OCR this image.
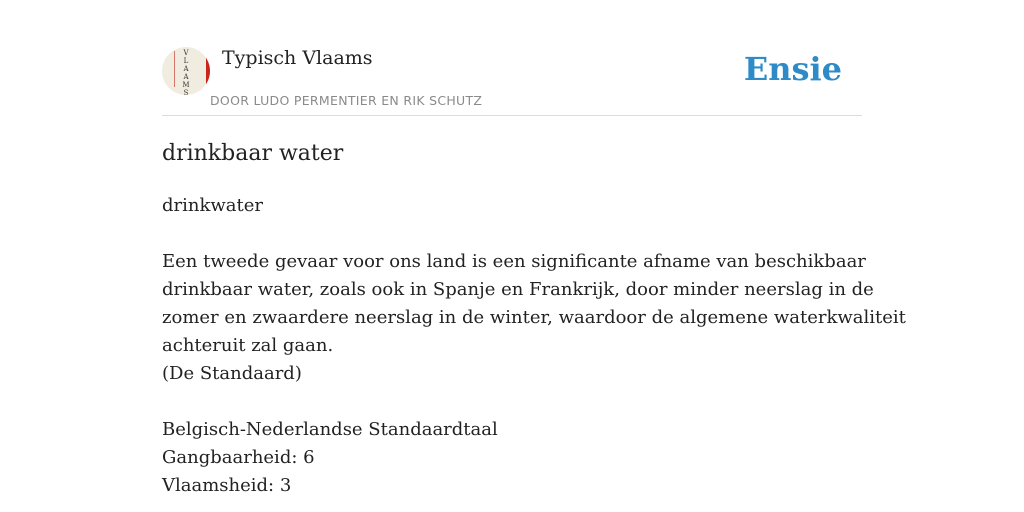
V
L
A
A
M
S
Typisch Vlaams
DOOR LUDO PERMENTIER EN RIK SCHUTZ
Ensie
drinkbaar water
drinkwater
Een tweede gevaar voor ons land is een significante afname van beschikbaar
drinkbaar water, zoals ook in Spanje en Frankrijk, door minder neerslag in de
zomer en zwaardere neerslag in de winter, waardoor de algemene waterkwaliteit
achteruit zal gaan.
(De Standaard)
Belgisch-Nederlandse Standaardtaal
Gangbaarheid: 6
Vlaamsheid: 3
